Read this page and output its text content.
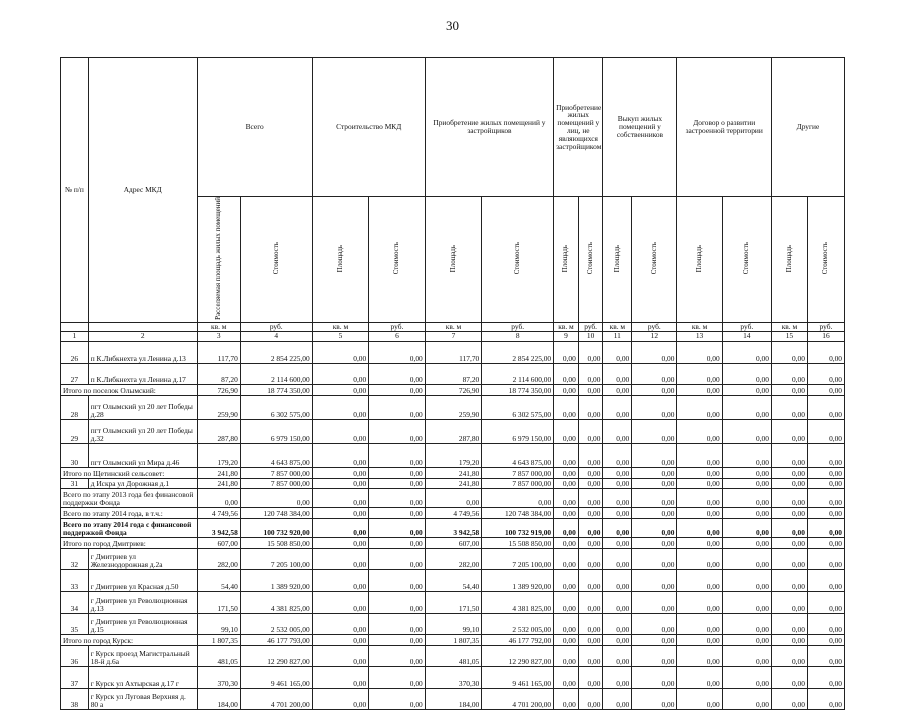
30
№ п/п	Адрес МКД	Всего		Строительство МКД		Приобретение жилых помещений у застройщиков		Приобретение жилых помещений у лиц, не являющихся застройщиком		Выкуп жилых помещений у собственников		Договор о развитии застроенной территории		Другие	
		Расселяемая площадь жилых помещений	Стоимость	Площадь	Стоимость	Площадь	Стоимость	Площадь	Стоимость	Площадь	Стоимость	Площадь	Стоимость	Площадь	Стоимость
		кв. м	руб.	кв. м	руб.	кв. м	руб.	кв. м	руб.	кв. м	руб.	кв. м	руб.	кв. м	руб.
1	2	3	4	5	6	7	8	9	10	11	12	13	14	15	16
26	п К.Либкнехта ул Ленина д.13	117,70	2 854 225,00	0,00	0,00	117,70	2 854 225,00	0,00	0,00	0,00	0,00	0,00	0,00	0,00	0,00
27	п К.Либкнехта ул Ленина д.17	87,20	2 114 600,00	0,00	0,00	87,20	2 114 600,00	0,00	0,00	0,00	0,00	0,00	0,00	0,00	0,00
Итого по поселок Олымский:		726,90	18 774 350,00	0,00	0,00	726,90	18 774 350,00	0,00	0,00	0,00	0,00	0,00	0,00	0,00	0,00
28	пгт Олымский ул 20 лет Победы д.28	259,90	6 302 575,00	0,00	0,00	259,90	6 302 575,00	0,00	0,00	0,00	0,00	0,00	0,00	0,00	0,00
29	пгт Олымский ул 20 лет Победы д.32	287,80	6 979 150,00	0,00	0,00	287,80	6 979 150,00	0,00	0,00	0,00	0,00	0,00	0,00	0,00	0,00
30	пгт Олымский ул Мира д.46	179,20	4 643 875,00	0,00	0,00	179,20	4 643 875,00	0,00	0,00	0,00	0,00	0,00	0,00	0,00	0,00
Итого по Щетинский сельсовет:		241,80	7 857 000,00	0,00	0,00	241,80	7 857 000,00	0,00	0,00	0,00	0,00	0,00	0,00	0,00	0,00
31	д Искра ул Дорожная д.1	241,80	7 857 000,00	0,00	0,00	241,80	7 857 000,00	0,00	0,00	0,00	0,00	0,00	0,00	0,00	0,00
Всего по этапу 2013 года без финансовой поддержки Фонда		0,00	0,00	0,00	0,00	0,00	0,00	0,00	0,00	0,00	0,00	0,00	0,00	0,00	0,00
Всего по этапу 2014 года, в т.ч.:		4 749,56	120 748 384,00	0,00	0,00	4 749,56	120 748 384,00	0,00	0,00	0,00	0,00	0,00	0,00	0,00	0,00
Всего по этапу 2014 года с финансовой поддержкой Фонда		3 942,58	100 732 920,00	0,00	0,00	3 942,58	100 732 919,00	0,00	0,00	0,00	0,00	0,00	0,00	0,00	0,00
Итого по город Дмитриев:		607,00	15 508 850,00	0,00	0,00	607,00	15 508 850,00	0,00	0,00	0,00	0,00	0,00	0,00	0,00	0,00
32	г Дмитриев ул Железнодорожная д.2а	282,00	7 205 100,00	0,00	0,00	282,00	7 205 100,00	0,00	0,00	0,00	0,00	0,00	0,00	0,00	0,00
33	г Дмитриев ул Красная д.50	54,40	1 389 920,00	0,00	0,00	54,40	1 389 920,00	0,00	0,00	0,00	0,00	0,00	0,00	0,00	0,00
34	г Дмитриев ул Революционная д.13	171,50	4 381 825,00	0,00	0,00	171,50	4 381 825,00	0,00	0,00	0,00	0,00	0,00	0,00	0,00	0,00
35	г Дмитриев ул Революционная д.15	99,10	2 532 005,00	0,00	0,00	99,10	2 532 005,00	0,00	0,00	0,00	0,00	0,00	0,00	0,00	0,00
Итого по город Курск:		1 807,35	46 177 793,00	0,00	0,00	1 807,35	46 177 792,00	0,00	0,00	0,00	0,00	0,00	0,00	0,00	0,00
36	г Курск проезд Магистральный 18-й д.6а	481,05	12 290 827,00	0,00	0,00	481,05	12 290 827,00	0,00	0,00	0,00	0,00	0,00	0,00	0,00	0,00
37	г Курск ул Ахтырская д.17 г	370,30	9 461 165,00	0,00	0,00	370,30	9 461 165,00	0,00	0,00	0,00	0,00	0,00	0,00	0,00	0,00
38	г Курск ул Луговая Верхняя д. 80 а	184,00	4 701 200,00	0,00	0,00	184,00	4 701 200,00	0,00	0,00	0,00	0,00	0,00	0,00	0,00	0,00
